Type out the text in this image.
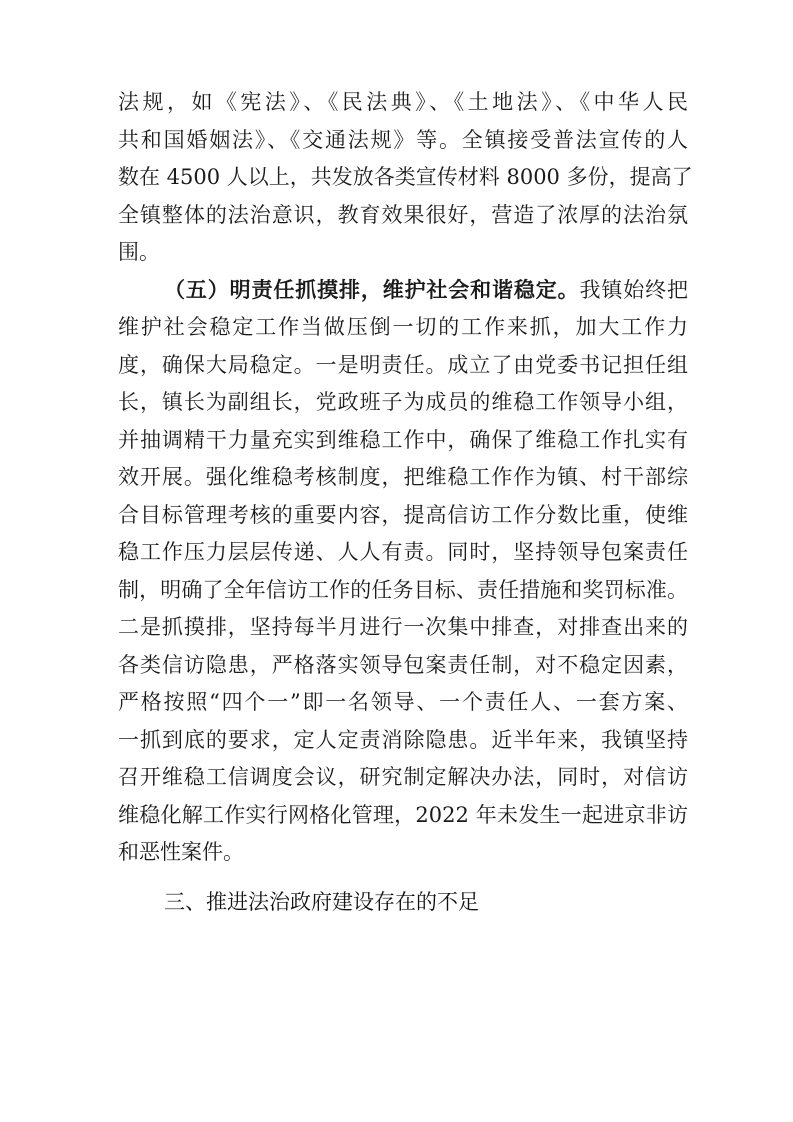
法规，如《宪法》、《民法典》、《土地法》、《中华人民
共和国婚姻法》、《交通法规》等。全镇接受普法宣传的人
数在 4500 人以上，共发放各类宣传材料 8000 多份，提高了
全镇整体的法治意识，教育效果很好，营造了浓厚的法治氛
围。
（五）明责任抓摸排，维护社会和谐稳定。我镇始终把
维护社会稳定工作当做压倒一切的工作来抓，加大工作力
度，确保大局稳定。一是明责任。成立了由党委书记担任组
长，镇长为副组长，党政班子为成员的维稳工作领导小组，
并抽调精干力量充实到维稳工作中，确保了维稳工作扎实有
效开展。强化维稳考核制度，把维稳工作作为镇、村干部综
合目标管理考核的重要内容，提高信访工作分数比重，使维
稳工作压力层层传递、人人有责。同时，坚持领导包案责任
制，明确了全年信访工作的任务目标、责任措施和奖罚标准。
二是抓摸排，坚持每半月进行一次集中排查，对排查出来的
各类信访隐患，严格落实领导包案责任制，对不稳定因素，
严格按照“四个一”即一名领导、一个责任人、一套方案、
一抓到底的要求，定人定责消除隐患。近半年来，我镇坚持
召开维稳工信调度会议，研究制定解决办法，同时，对信访
维稳化解工作实行网格化管理，2022 年未发生一起进京非访
和恶性案件。
三、推进法治政府建设存在的不足
